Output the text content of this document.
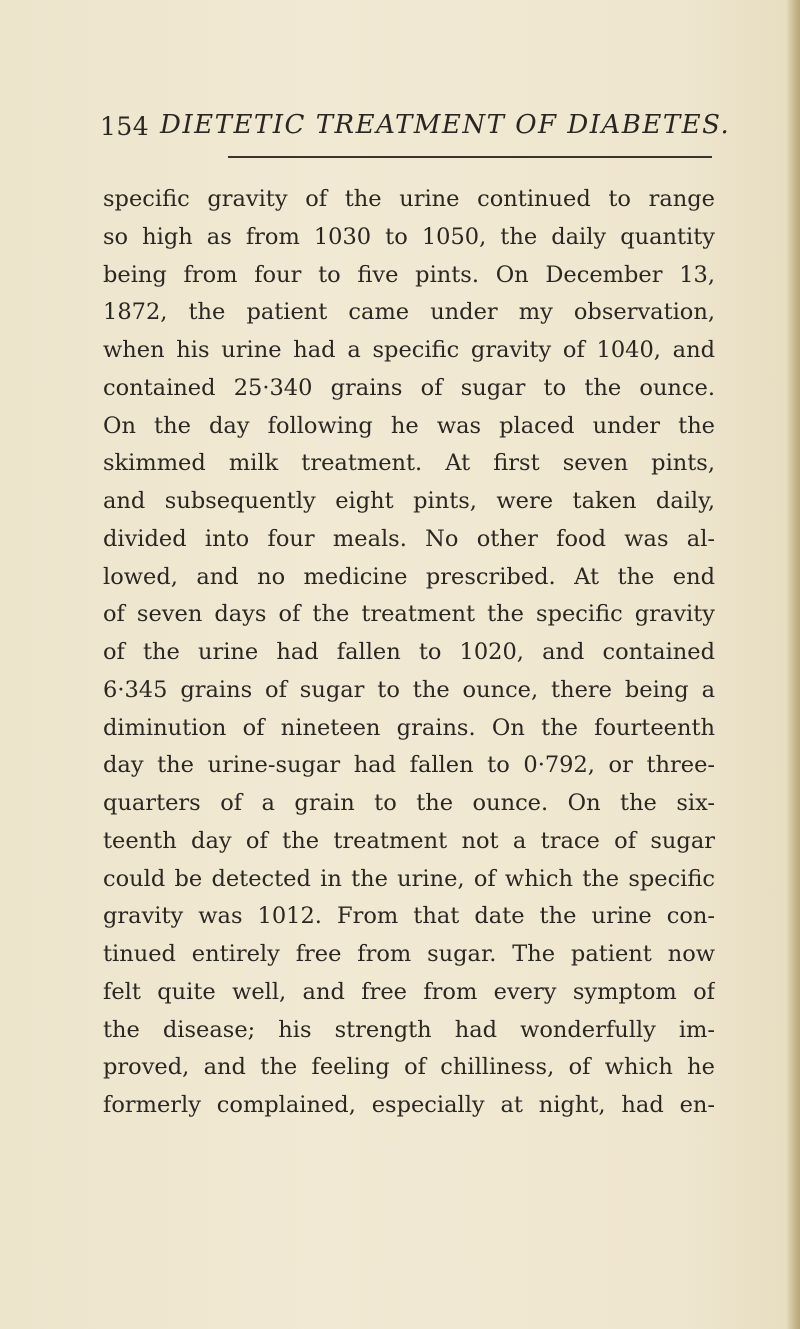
154 DIETETIC TREATMENT OF DIABETES.
specific gravity of the urine continued to range
so high as from 1030 to 1050, the daily quantity
being from four to five pints. On December 13,
1872, the patient came under my observation,
when his urine had a specific gravity of 1040, and
contained 25·340 grains of sugar to the ounce.
On the day following he was placed under the
skimmed milk treatment. At first seven pints,
and subsequently eight pints, were taken daily,
divided into four meals. No other food was al-
lowed, and no medicine prescribed. At the end
of seven days of the treatment the specific gravity
of the urine had fallen to 1020, and contained
6·345 grains of sugar to the ounce, there being a
diminution of nineteen grains. On the fourteenth
day the urine-sugar had fallen to 0·792, or three-
quarters of a grain to the ounce. On the six-
teenth day of the treatment not a trace of sugar
could be detected in the urine, of which the specific
gravity was 1012. From that date the urine con-
tinued entirely free from sugar. The patient now
felt quite well, and free from every symptom of
the disease; his strength had wonderfully im-
proved, and the feeling of chilliness, of which he
formerly complained, especially at night, had en-
